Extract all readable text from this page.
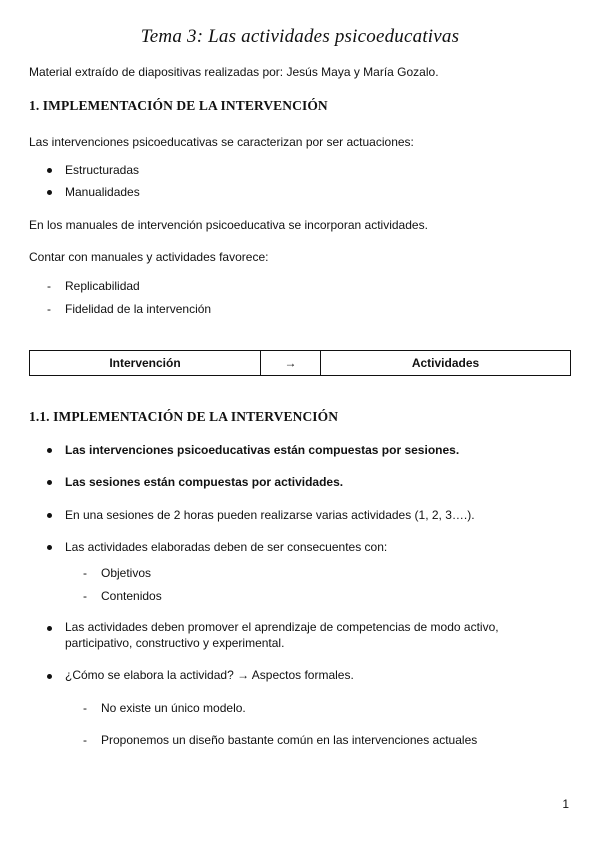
Tema 3: Las actividades psicoeducativas
Material extraído de diapositivas realizadas por: Jesús Maya y María Gozalo.
1. IMPLEMENTACIÓN DE LA INTERVENCIÓN
Las intervenciones psicoeducativas se caracterizan por ser actuaciones:
Estructuradas
Manualidades
En los manuales de intervención psicoeducativa se incorporan actividades.
Contar con manuales y actividades favorece:
- Replicabilidad
- Fidelidad de la intervención
Intervención	→	Actividades
1.1. IMPLEMENTACIÓN DE LA INTERVENCIÓN
Las intervenciones psicoeducativas están compuestas por sesiones.
Las sesiones están compuestas por actividades.
En una sesiones de 2 horas pueden realizarse varias actividades (1, 2, 3….).
Las actividades elaboradas deben de ser consecuentes con:
- Objetivos
- Contenidos
Las actividades deben promover el aprendizaje de competencias de modo activo,
participativo, constructivo y experimental.
¿Cómo se elabora la actividad? → Aspectos formales.
- No existe un único modelo.
- Proponemos un diseño bastante común en las intervenciones actuales
1
